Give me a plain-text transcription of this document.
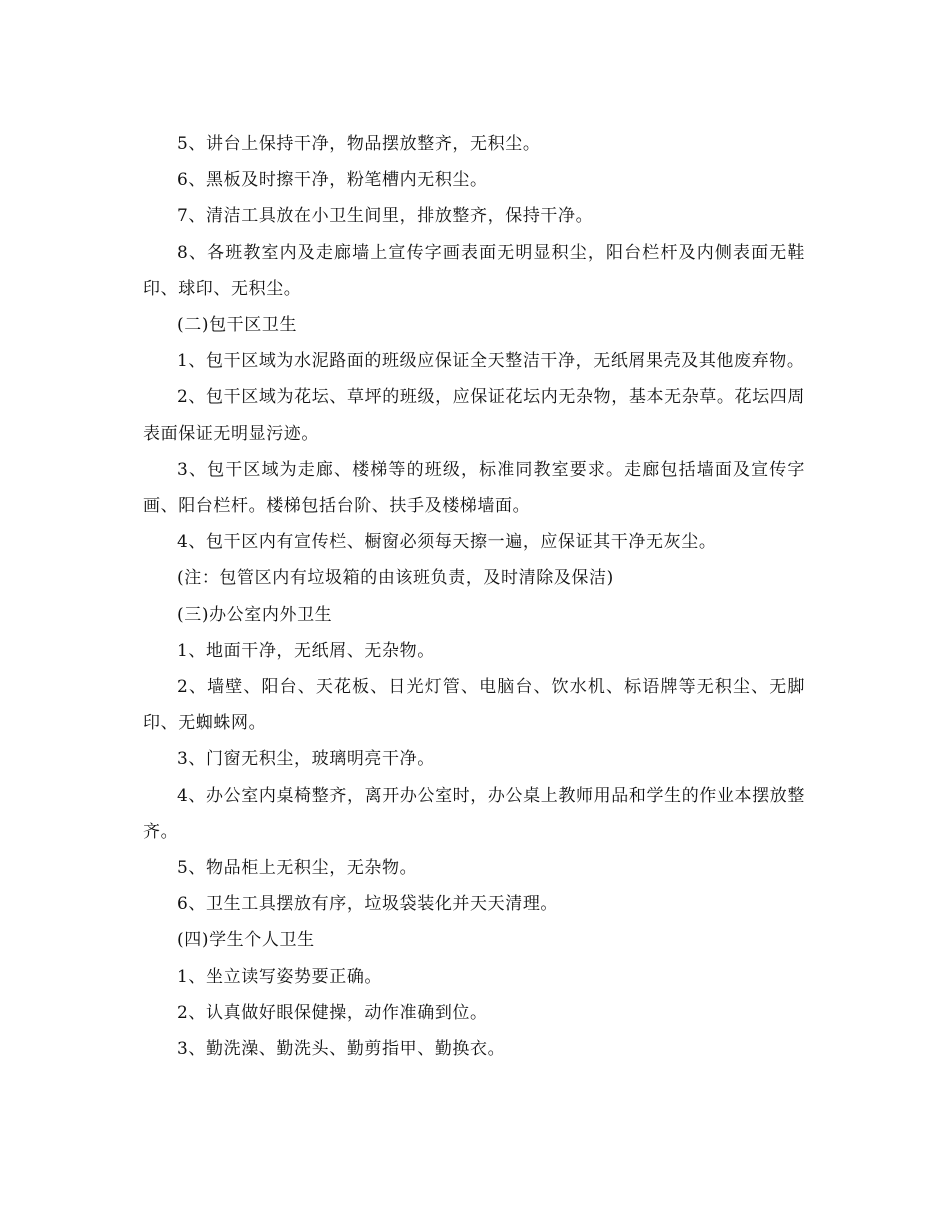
5、讲台上保持干净，物品摆放整齐，无积尘。

6、黑板及时擦干净，粉笔槽内无积尘。

7、清洁工具放在小卫生间里，排放整齐，保持干净。

8、各班教室内及走廊墙上宣传字画表面无明显积尘，阳台栏杆及内侧表面无鞋印、球印、无积尘。

(二)包干区卫生

1、包干区域为水泥路面的班级应保证全天整洁干净，无纸屑果壳及其他废弃物。

2、包干区域为花坛、草坪的班级，应保证花坛内无杂物，基本无杂草。花坛四周表面保证无明显污迹。

3、包干区域为走廊、楼梯等的班级，标准同教室要求。走廊包括墙面及宣传字画、阳台栏杆。楼梯包括台阶、扶手及楼梯墙面。

4、包干区内有宣传栏、橱窗必须每天擦一遍，应保证其干净无灰尘。

(注：包管区内有垃圾箱的由该班负责，及时清除及保洁)

(三)办公室内外卫生

1、地面干净，无纸屑、无杂物。

2、墙壁、阳台、天花板、日光灯管、电脑台、饮水机、标语牌等无积尘、无脚印、无蜘蛛网。

3、门窗无积尘，玻璃明亮干净。

4、办公室内桌椅整齐，离开办公室时，办公桌上教师用品和学生的作业本摆放整齐。

5、物品柜上无积尘，无杂物。

6、卫生工具摆放有序，垃圾袋装化并天天清理。

(四)学生个人卫生

1、坐立读写姿势要正确。

2、认真做好眼保健操，动作准确到位。

3、勤洗澡、勤洗头、勤剪指甲、勤换衣。
